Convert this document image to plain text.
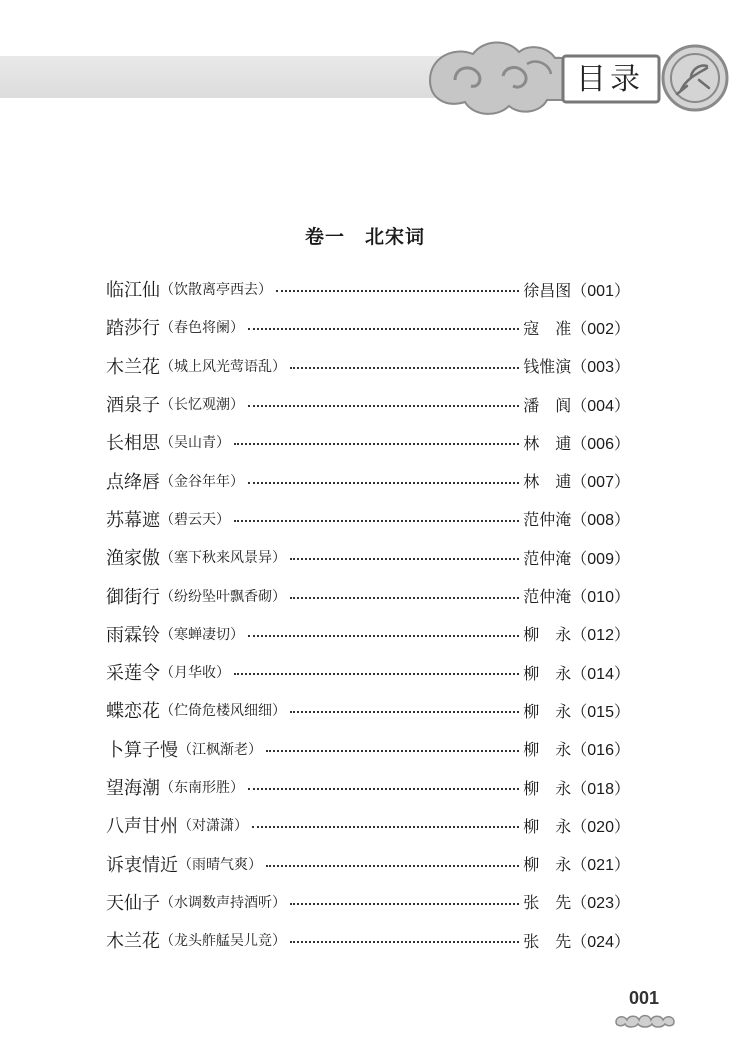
目录
卷一　北宋词
临江仙 （饮散离亭西去）	徐昌图 （001）
踏莎行 （春色将阑）	寇　准 （002）
木兰花 （城上风光莺语乱）	钱惟演 （003）
酒泉子 （长忆观潮）	潘　阆 （004）
长相思 （吴山青）	林　逋 （006）
点绛唇 （金谷年年）	林　逋 （007）
苏幕遮 （碧云天）	范仲淹 （008）
渔家傲 （塞下秋来风景异）	范仲淹 （009）
御街行 （纷纷坠叶飘香砌）	范仲淹 （010）
雨霖铃 （寒蝉凄切）	柳　永 （012）
采莲令 （月华收）	柳　永 （014）
蝶恋花 （伫倚危楼风细细）	柳　永 （015）
卜算子慢 （江枫渐老）	柳　永 （016）
望海潮 （东南形胜）	柳　永 （018）
八声甘州 （对潇潇）	柳　永 （020）
诉衷情近 （雨晴气爽）	柳　永 （021）
天仙子 （水调数声持酒听）	张　先 （023）
木兰花 （龙头舴艋吴儿竞）	张　先 （024）
001
